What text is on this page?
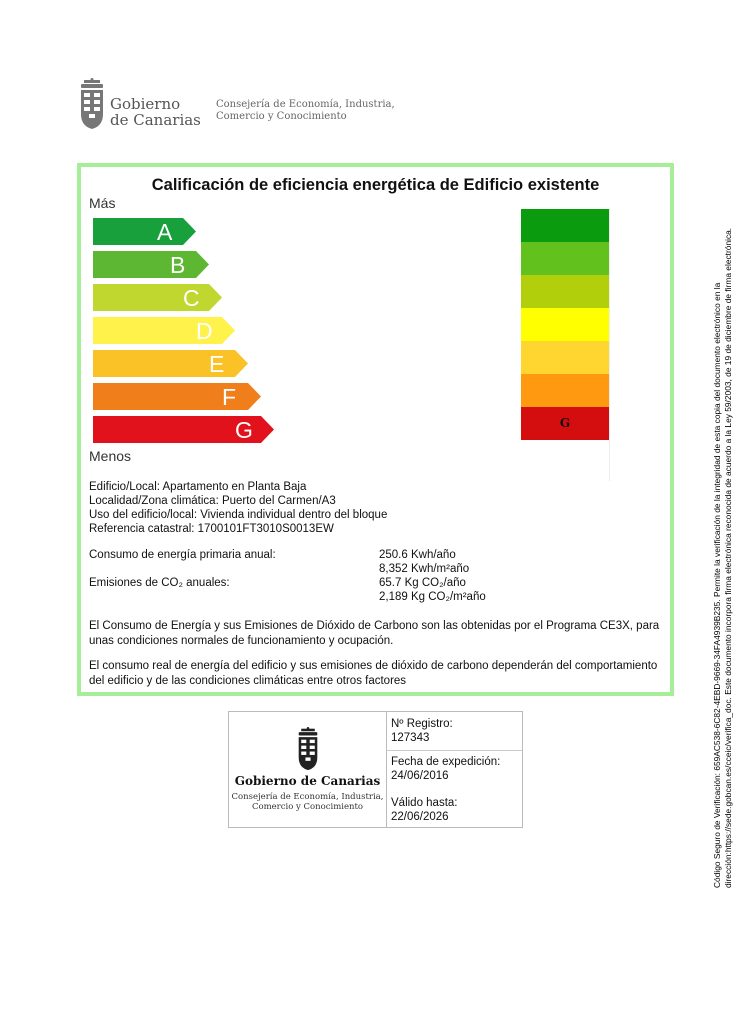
Gobierno
de Canarias
Consejería de Economía, Industria,
Comercio y Conocimiento
Calificación de eficiencia energética de Edificio existente
Más
A
B
C
D
E
F
G	G
Menos
Edificio/Local: Apartamento en Planta Baja
Localidad/Zona climática: Puerto del Carmen/A3
Uso del edificio/local: Vivienda individual dentro del bloque
Referencia catastral: 1700101FT3010S0013EW
Consumo de energía primaria anual:	250.6 Kwh/año
8,352 Kwh/m²año
Emisiones de CO₂ anuales:	65.7 Kg CO₂/año
2,189 Kg CO₂/m²año
El Consumo de Energía y sus Emisiones de Dióxido de Carbono son las obtenidas por el Programa CE3X, para unas condiciones normales de funcionamiento y ocupación.
El consumo real de energía del edificio y sus emisiones de dióxido de carbono dependerán del comportamiento del edificio y de las condiciones climáticas entre otros factores
Gobierno de Canarias
Consejería de Economía, Industria,
Comercio y Conocimiento
Nº Registro:
127343
Fecha de expedición:
24/06/2016
Válido hasta:
22/06/2026	Código Seguro de Verificación: 659AC538-6C82-4EBD-9669-34FA4939B235. Permite la verificación de la integridad de esta copia del documento electrónico en la dirección:https://sede.gobcan.es/cceic/verifica_doc. Este documento incorpora firma electrónica reconocida de acuerdo a la Ley 59/2003, de 19 de diciembre de firma electrónica.
